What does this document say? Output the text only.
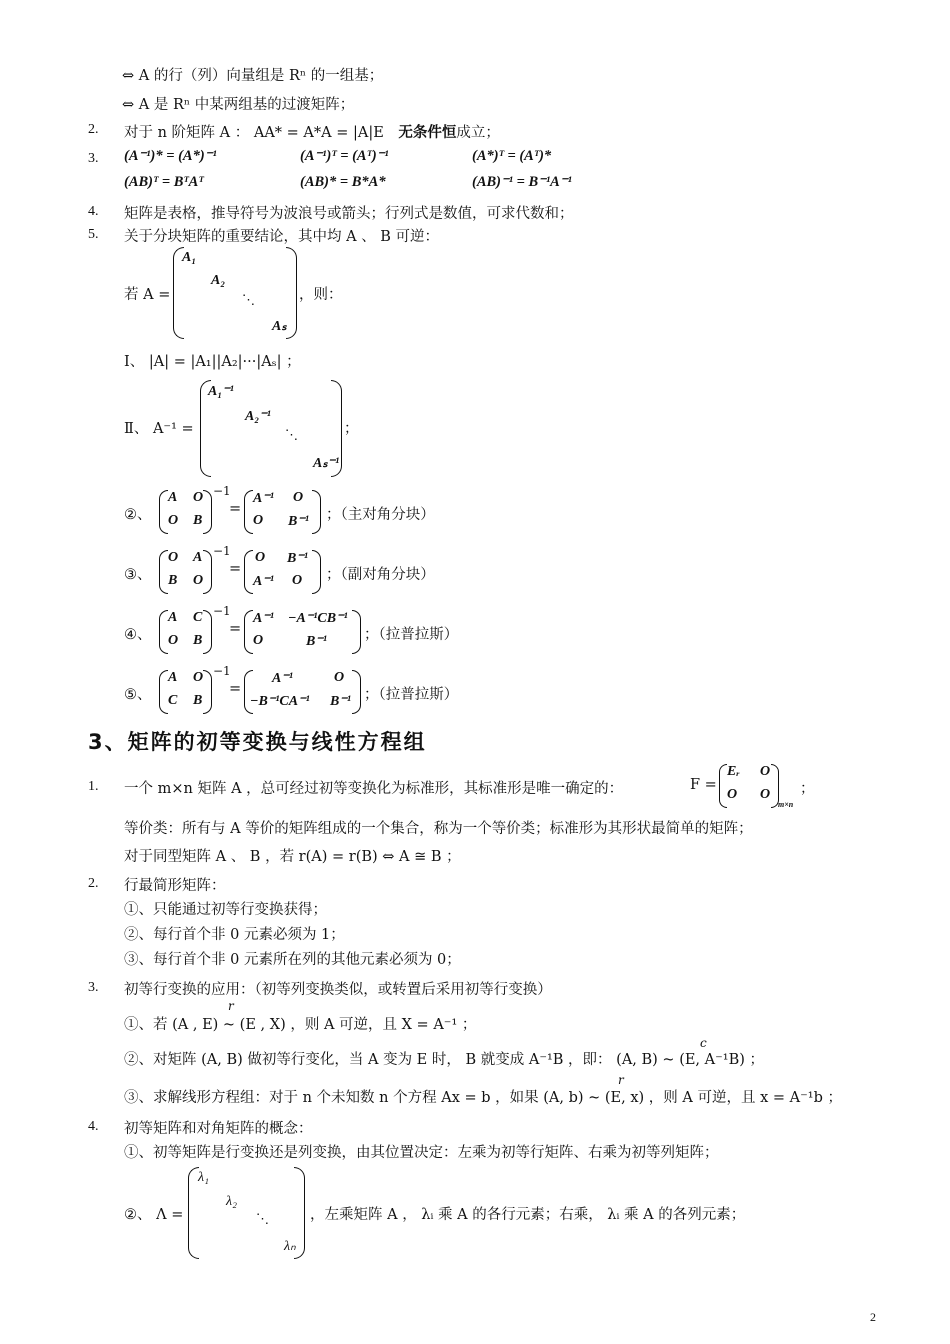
⇔ A 的行（列）向量组是 Rⁿ 的一组基；
⇔ A 是 Rⁿ 中某两组基的过渡矩阵；
2. 对于 n 阶矩阵 A ： AA* = A*A = |A|E 无条件恒成立；
3. (A⁻¹)* = (A*)⁻¹	(A⁻¹)ᵀ = (Aᵀ)⁻¹	(A*)ᵀ = (Aᵀ)*
(AB)ᵀ = BᵀAᵀ	(AB)* = B*A*	(AB)⁻¹ = B⁻¹A⁻¹
4. 矩阵是表格，推导符号为波浪号或箭头；行列式是数值，可求代数和；
5. 关于分块矩阵的重要结论，其中均 A 、 B 可逆：
若 A =
A₁
A₂
⋱
Aₛ
，则：
Ⅰ、 |A| = |A₁||A₂|···|Aₛ| ；
Ⅱ、 A⁻¹ =
A₁⁻¹
A₂⁻¹
⋱
Aₛ⁻¹
；
②、
A O
O B
−1
=
A⁻¹ O
O B⁻¹ ；（主对角分块）
③、
O A
B O
−1
=
O B⁻¹
A⁻¹ O ；（副对角分块）
④、
A C
O B
−1
=
A⁻¹ −A⁻¹CB⁻¹
O	B⁻¹	；（拉普拉斯）
⑤、
A O
C B
−1
=
A⁻¹	O
−B⁻¹CA⁻¹ B⁻¹ ；（拉普拉斯）
3、矩阵的初等变换与线性方程组
1. 一个 m×n 矩阵 A ，总可经过初等变换化为标准形，其标准形是唯一确定的：	F =
Eᵣ O
O O
m×n
；
等价类：所有与 A 等价的矩阵组成的一个集合，称为一个等价类；标准形为其形状最简单的矩阵；
对于同型矩阵 A 、 B ，若 r(A) = r(B) ⇔ A ≅ B ；
2. 行最简形矩阵：
①、只能通过初等行变换获得；
②、每行首个非 0 元素必须为 1；
③、每行首个非 0 元素所在列的其他元素必须为 0；
3. 初等行变换的应用：（初等列变换类似，或转置后采用初等行变换）
r
①、若 (A , E) ~ (E , X) ，则 A 可逆，且 X = A⁻¹ ；
c
②、对矩阵 (A, B) 做初等行变化，当 A 变为 E 时， B 就变成 A⁻¹B ，即： (A, B) ~ (E, A⁻¹B) ；
r
③、求解线形方程组：对于 n 个未知数 n 个方程 Ax = b ，如果 (A, b) ~ (E, x) ，则 A 可逆，且 x = A⁻¹b ；
4. 初等矩阵和对角矩阵的概念：
①、初等矩阵是行变换还是列变换，由其位置决定：左乘为初等行矩阵、右乘为初等列矩阵；
②、 Λ =
λ₁
λ₂
⋱
λₙ
，左乘矩阵 A ， λᵢ 乘 A 的各行元素；右乘， λᵢ 乘 A 的各列元素；
2
